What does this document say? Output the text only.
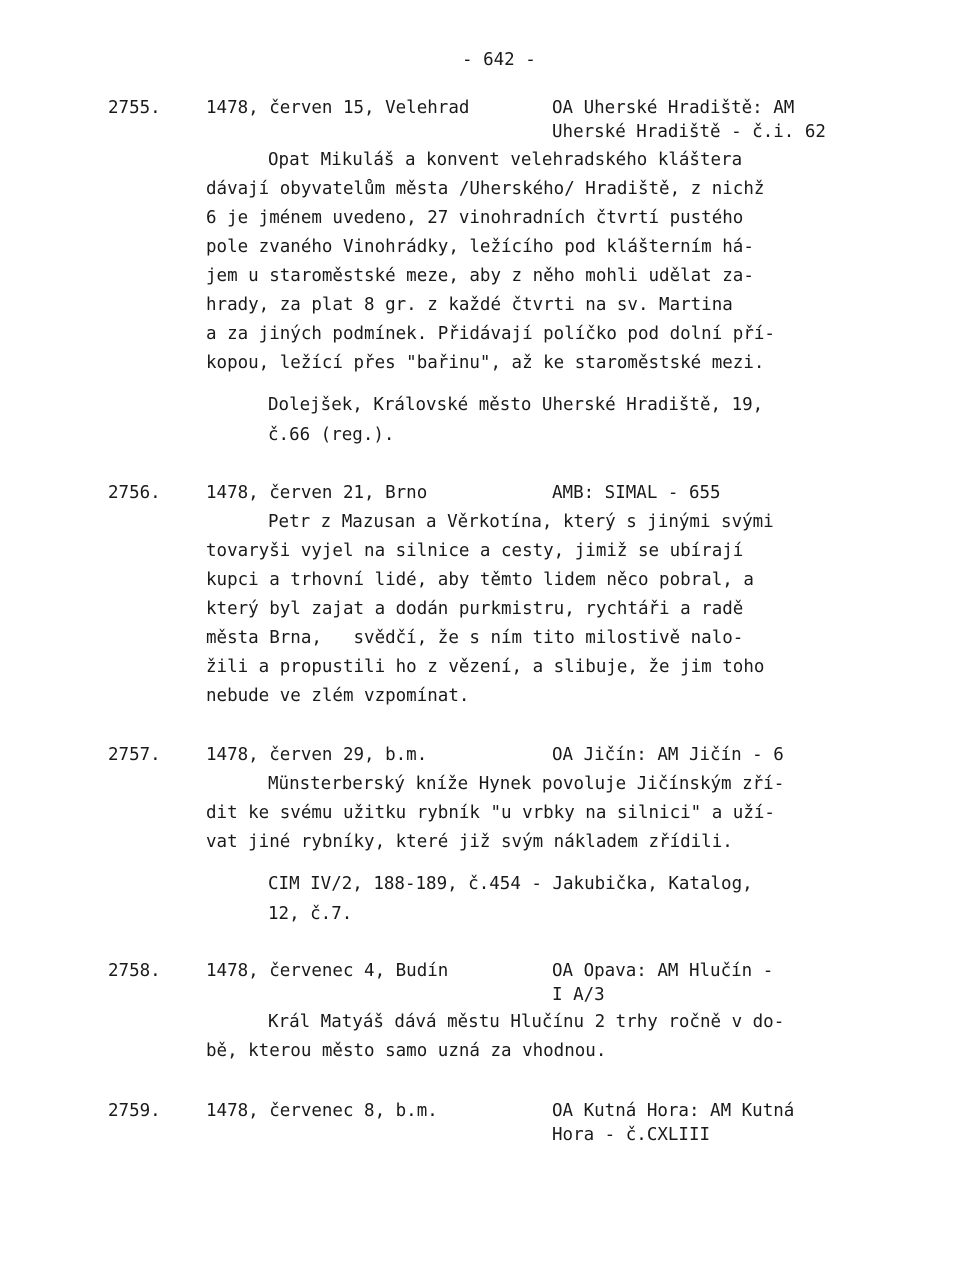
- 642 -
2755.	1478, červen 15, Velehrad	OA Uherské Hradiště: AM
Uherské Hradiště - č.i. 62
Opat Mikuláš a konvent velehradského kláštera
dávají obyvatelům města /Uherského/ Hradiště, z nichž
6 je jménem uvedeno, 27 vinohradních čtvrtí pustého
pole zvaného Vinohrádky, ležícího pod klášterním há-
jem u staroměstské meze, aby z něho mohli udělat za-
hrady, za plat 8 gr. z každé čtvrti na sv. Martina
a za jiných podmínek. Přidávají políčko pod dolní pří-
kopou, ležící přes "bařinu", až ke staroměstské mezi.
Dolejšek, Královské město Uherské Hradiště, 19,
č.66 (reg.).
2756.	1478, červen 21, Brno	AMB: SIMAL - 655
Petr z Mazusan a Věrkotína, který s jinými svými
tovaryši vyjel na silnice a cesty, jimiž se ubírají
kupci a trhovní lidé, aby těmto lidem něco pobral, a
který byl zajat a dodán purkmistru, rychtáři a radě
města Brna,   svědčí, že s ním tito milostivě nalo-
žili a propustili ho z vězení, a slibuje, že jim toho
nebude ve zlém vzpomínat.
2757.	1478, červen 29, b.m.	OA Jičín: AM Jičín - 6
Münsterberský kníže Hynek povoluje Jičínským zří-
dit ke svému užitku rybník "u vrbky na silnici" a uží-
vat jiné rybníky, které již svým nákladem zřídili.
CIM IV/2, 188-189, č.454 - Jakubička, Katalog,
12, č.7.
2758.	1478, červenec 4, Budín	OA Opava: AM Hlučín -
I A/3
Král Matyáš dává městu Hlučínu 2 trhy ročně v do-
bě, kterou město samo uzná za vhodnou.
2759.	1478, červenec 8, b.m.	OA Kutná Hora: AM Kutná
Hora - č.CXLIII
